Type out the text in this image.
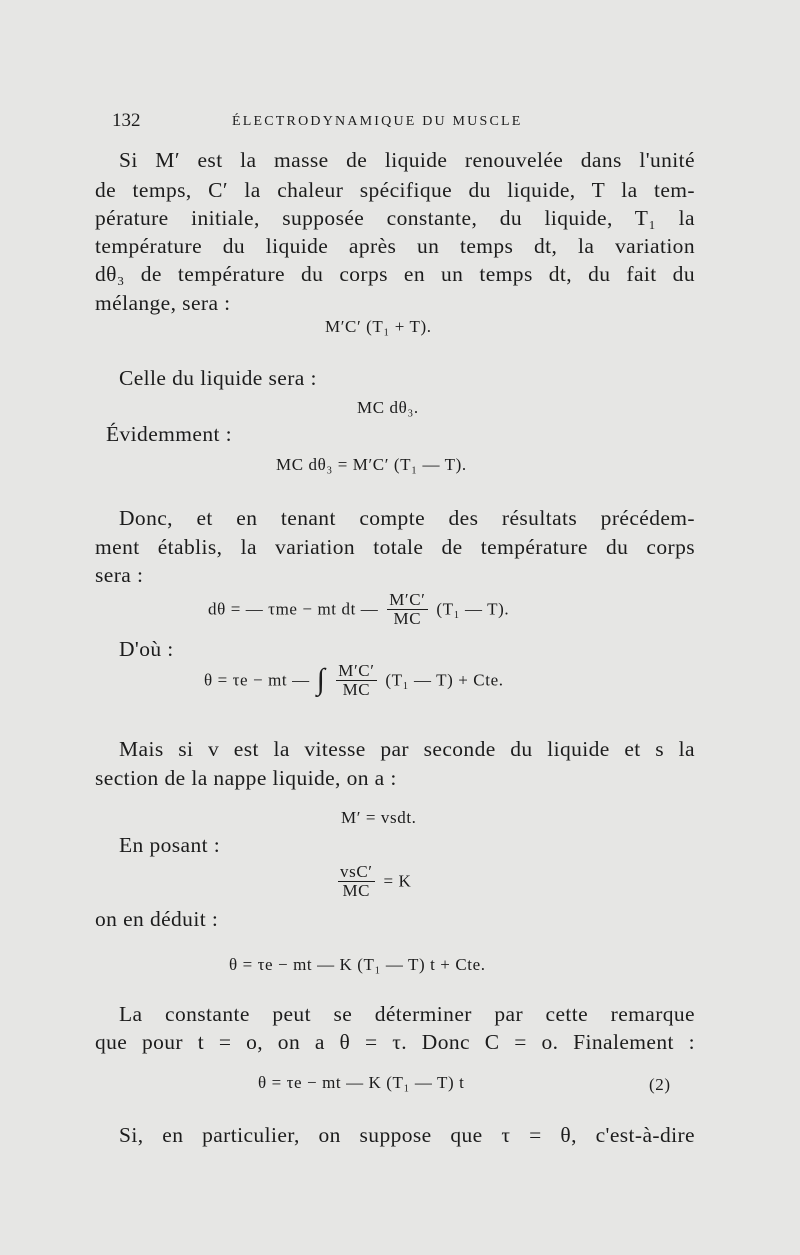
132	ÉLECTRODYNAMIQUE DU MUSCLE
Si M′ est la masse de liquide renouvelée dans l'unité
de temps, C′ la chaleur spécifique du liquide, T la tem-
pérature initiale, supposée constante, du liquide, T₁ la
température du liquide après un temps dt, la variation
dθ₃ de température du corps en un temps dt, du fait du
mélange, sera :
M′C′ (T₁ + T).
Celle du liquide sera :
MC dθ₃.
Évidemment :
MC dθ₃ = M′C′ (T₁ — T).
Donc, et en tenant compte des résultats précédem-
ment établis, la variation totale de température du corps
sera :
dθ = — τme − mt dt — $\frac{M'C'}{MC} (T_1$ — T).
D'où :
θ = τe − mt — ∫ $\frac{M'C'}{MC} (T_1$ — T) + Cte.
Mais si v est la vitesse par seconde du liquide et s la
section de la nappe liquide, on a :
M′ = vsdt.
En posant :
$\frac{\text{vsC′}}{MC} = K$
on en déduit :
θ = τe − mt — K (T₁ — T) t + Cte.
La constante peut se déterminer par cette remarque
que pour t = o, on a θ = τ. Donc C = o. Finalement :
θ = τe − mt — K (T₁ — T) t	(2)
Si, en particulier, on suppose que τ = θ, c'est-à-dire
